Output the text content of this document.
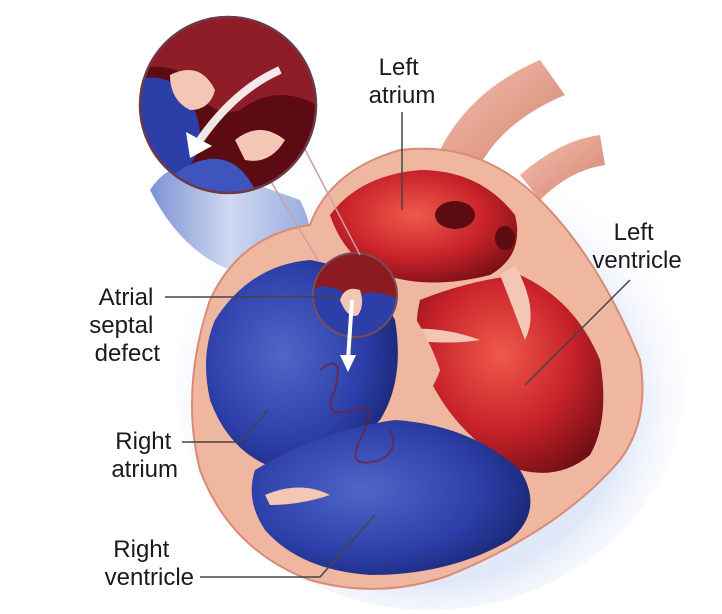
Left atrium
Left ventricle
Atrial septal defect
Right atrium
Right ventricle
